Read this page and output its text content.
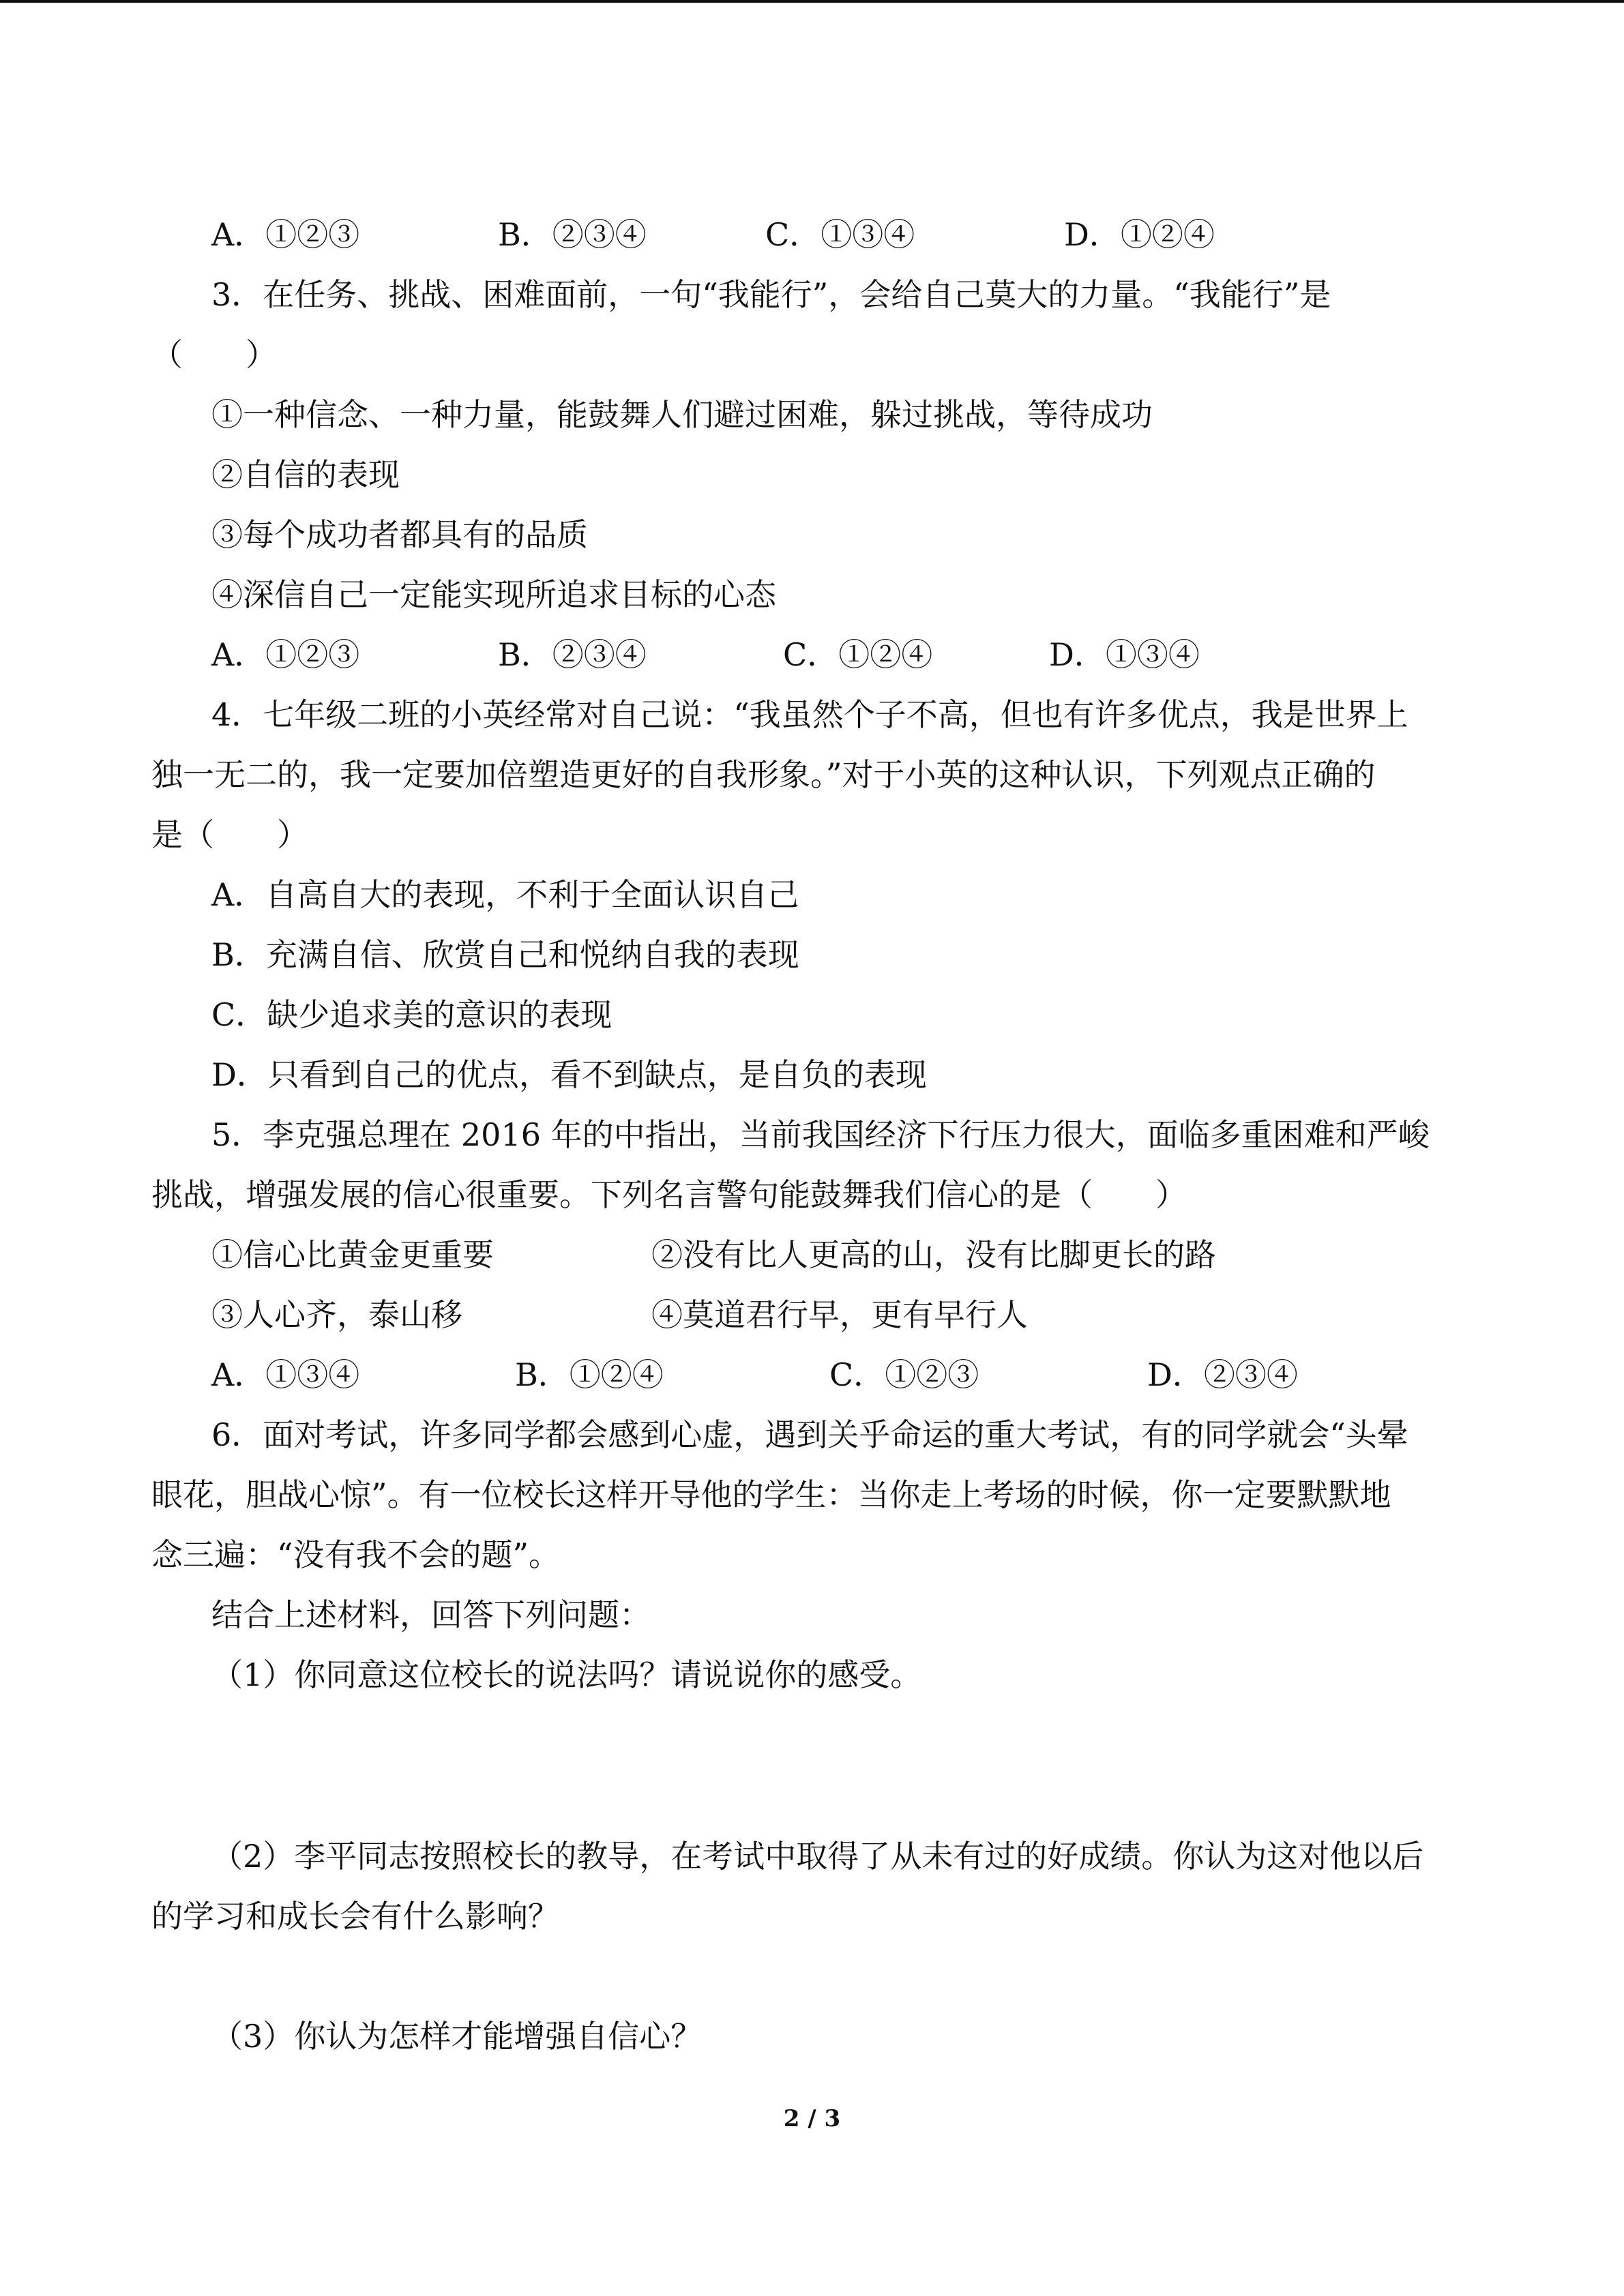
A．①②③	B．②③④	C．①③④	D．①②④
3．在任务、挑战、困难面前，一句“我能行”，会给自己莫大的力量。“我能行”是
（　　）
①一种信念、一种力量，能鼓舞人们避过困难，躲过挑战，等待成功
②自信的表现
③每个成功者都具有的品质
④深信自己一定能实现所追求目标的心态
A．①②③	B．②③④	C．①②④	D．①③④
4．七年级二班的小英经常对自己说：“我虽然个子不高，但也有许多优点，我是世界上
独一无二的，我一定要加倍塑造更好的自我形象。”对于小英的这种认识，下列观点正确的
是（　　）
A．自高自大的表现，不利于全面认识自己
B．充满自信、欣赏自己和悦纳自我的表现
C．缺少追求美的意识的表现
D．只看到自己的优点，看不到缺点，是自负的表现
5．李克强总理在 2016 年的中指出，当前我国经济下行压力很大，面临多重困难和严峻
挑战，增强发展的信心很重要。下列名言警句能鼓舞我们信心的是（　　）
①信心比黄金更重要	②没有比人更高的山，没有比脚更长的路
③人心齐，泰山移	④莫道君行早，更有早行人
A．①③④	B．①②④	C．①②③	D．②③④
6．面对考试，许多同学都会感到心虚，遇到关乎命运的重大考试，有的同学就会“头晕
眼花，胆战心惊”。有一位校长这样开导他的学生：当你走上考场的时候，你一定要默默地
念三遍：“没有我不会的题”。
结合上述材料，回答下列问题：
（1）你同意这位校长的说法吗？请说说你的感受。
（2）李平同志按照校长的教导，在考试中取得了从未有过的好成绩。你认为这对他以后
的学习和成长会有什么影响？
（3）你认为怎样才能增强自信心？
2 / 3
